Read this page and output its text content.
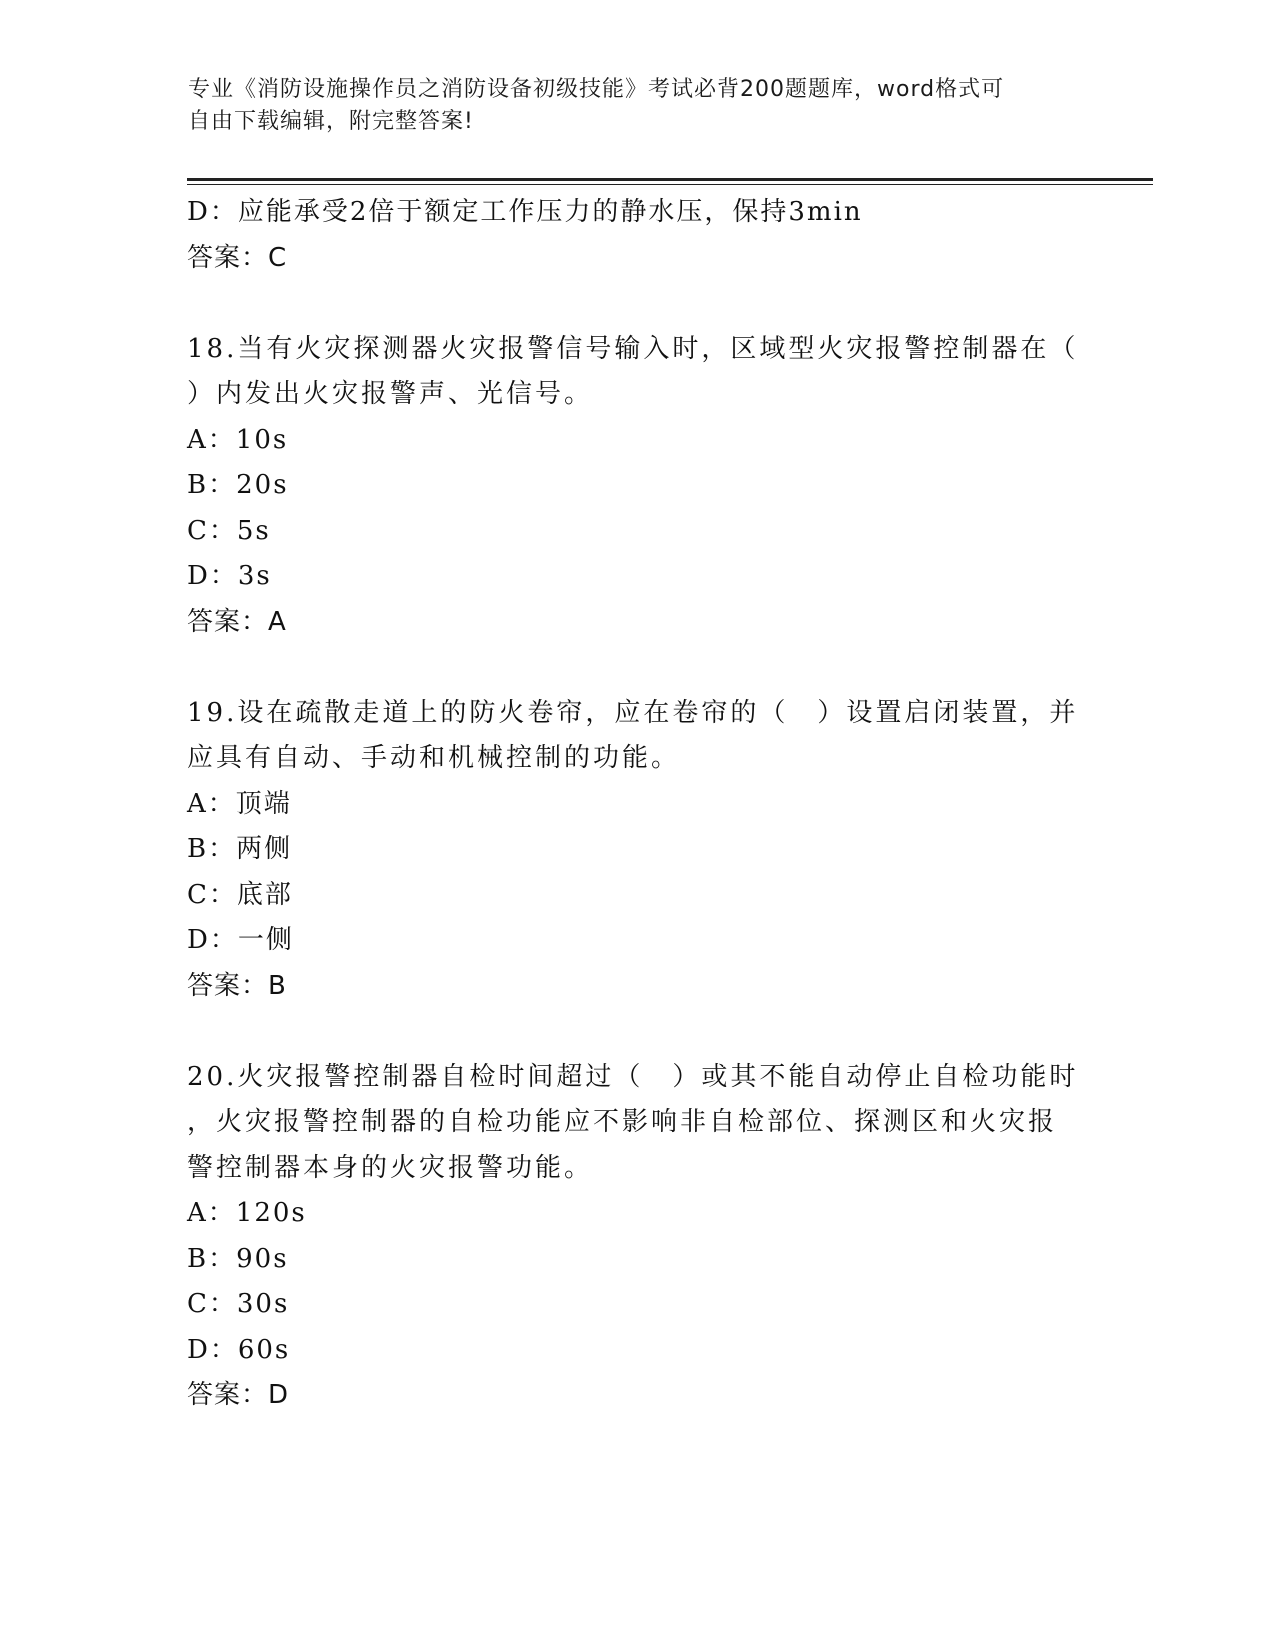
专业《消防设施操作员之消防设备初级技能》考试必背200题题库，word格式可
自由下载编辑，附完整答案!
D：应能承受2倍于额定工作压力的静水压，保持3min
答案：C
18.当有火灾探测器火灾报警信号输入时，区域型火灾报警控制器在（
）内发出火灾报警声、光信号。
A：10s
B：20s
C：5s
D：3s
答案：A
19.设在疏散走道上的防火卷帘，应在卷帘的（　）设置启闭装置，并
应具有自动、手动和机械控制的功能。
A：顶端
B：两侧
C：底部
D：一侧
答案：B
20.火灾报警控制器自检时间超过（　）或其不能自动停止自检功能时
，火灾报警控制器的自检功能应不影响非自检部位、探测区和火灾报
警控制器本身的火灾报警功能。
A：120s
B：90s
C：30s
D：60s
答案：D
